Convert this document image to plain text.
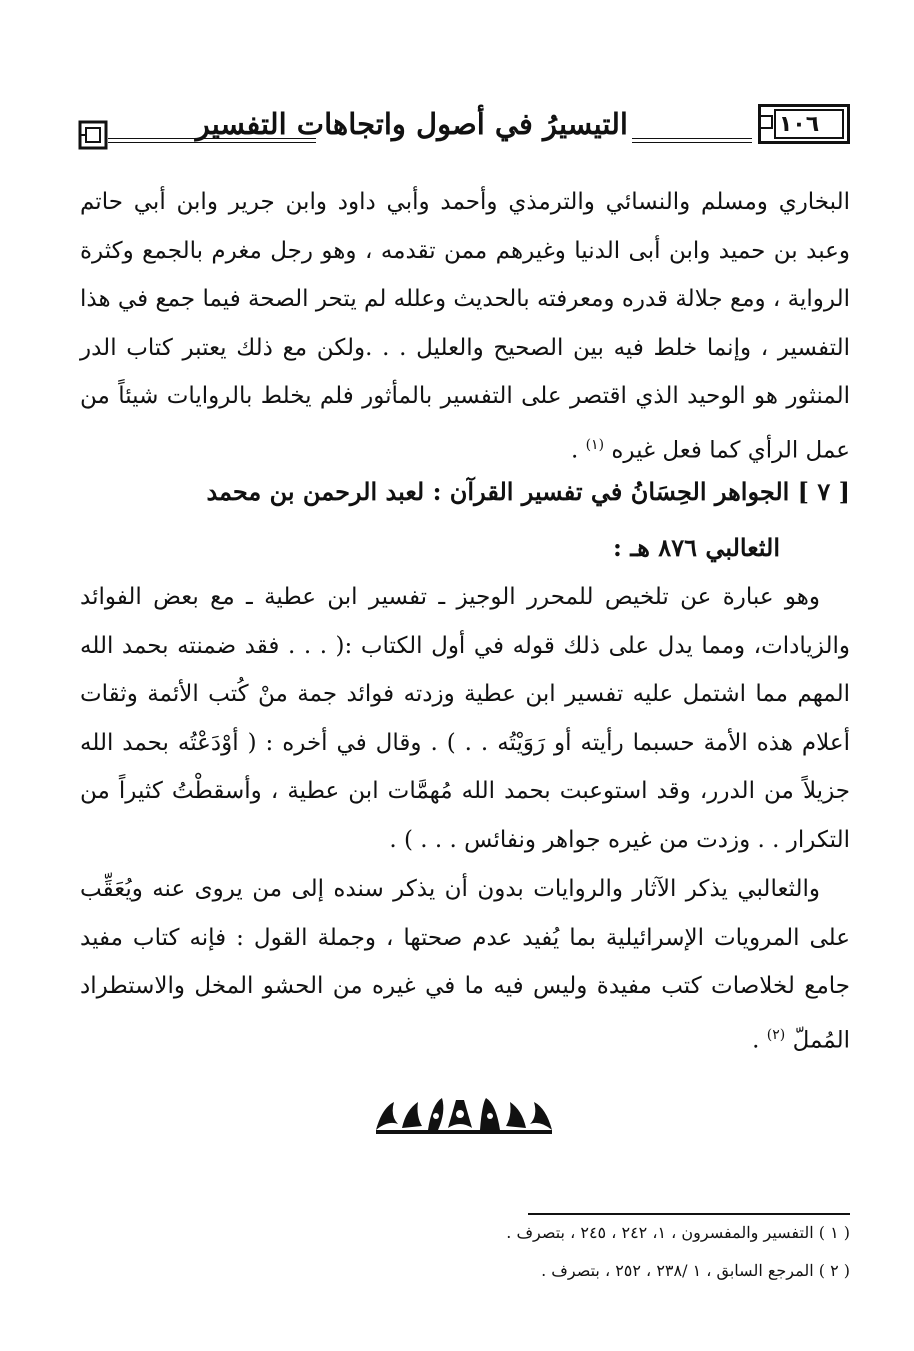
١٠٦
التيسيرُ في أصول واتجاهات التفسير

البخاري ومسلم والنسائي والترمذي وأحمد وأبي داود وابن جرير وابن أبي حاتم وعبد بن حميد وابن أبى الدنيا وغيرهم ممن تقدمه ، وهو رجل مغرم بالجمع وكثرة الرواية ، ومع جلالة قدره ومعرفته بالحديث وعلله لم يتحر الصحة فيما جمع في هذا التفسير ، وإنما خلط فيه بين الصحيح والعليل . . .ولكن مع ذلك يعتبر كتاب الدر المنثور هو الوحيد الذي اقتصر على التفسير بالمأثور فلم يخلط بالروايات شيئاً من عمل الرأي كما فعل غيره $^{(١)}$ .

[ ٧ ] الجواهر الحِسَانُ في تفسير القرآن : لعبد الرحمن بن محمد
الثعالبي ٨٧٦ هـ :

وهو عبارة عن تلخيص للمحرر الوجيز ـ تفسير ابن عطية ـ مع بعض الفوائد والزيادات، ومما يدل على ذلك قوله في أول الكتاب :( . . . فقد ضمنته بحمد الله المهم مما اشتمل عليه تفسير ابن عطية وزدته فوائد جمة منْ كُتب الأئمة وثقات أعلام هذه الأمة حسبما رأيته أو رَوَيْتُه . . ) . وقال في أخره : ( أوْدَعْتُه بحمد الله جزيلاً من الدرر، وقد استوعبت بحمد الله مُهمَّات ابن عطية ، وأسقطْتُ كثيراً من التكرار . . وزدت من غيره جواهر ونفائس . . . ) .

والثعالبي يذكر الآثار والروايات بدون أن يذكر سنده إلى من يروى عنه ويُعَقِّب على المرويات الإسرائيلية بما يُفيد عدم صحتها ، وجملة القول : فإنه كتاب مفيد جامع لخلاصات كتب مفيدة وليس فيه ما في غيره من الحشو المخل والاستطراد المُملّ $^{(٢)}$ .

( ١ ) التفسير والمفسرون ، ١، ٢٤٢ ، ٢٤٥ ، بتصرف .
( ٢ ) المرجع السابق ، ١ /٢٣٨ ، ٢٥٢ ، بتصرف .
